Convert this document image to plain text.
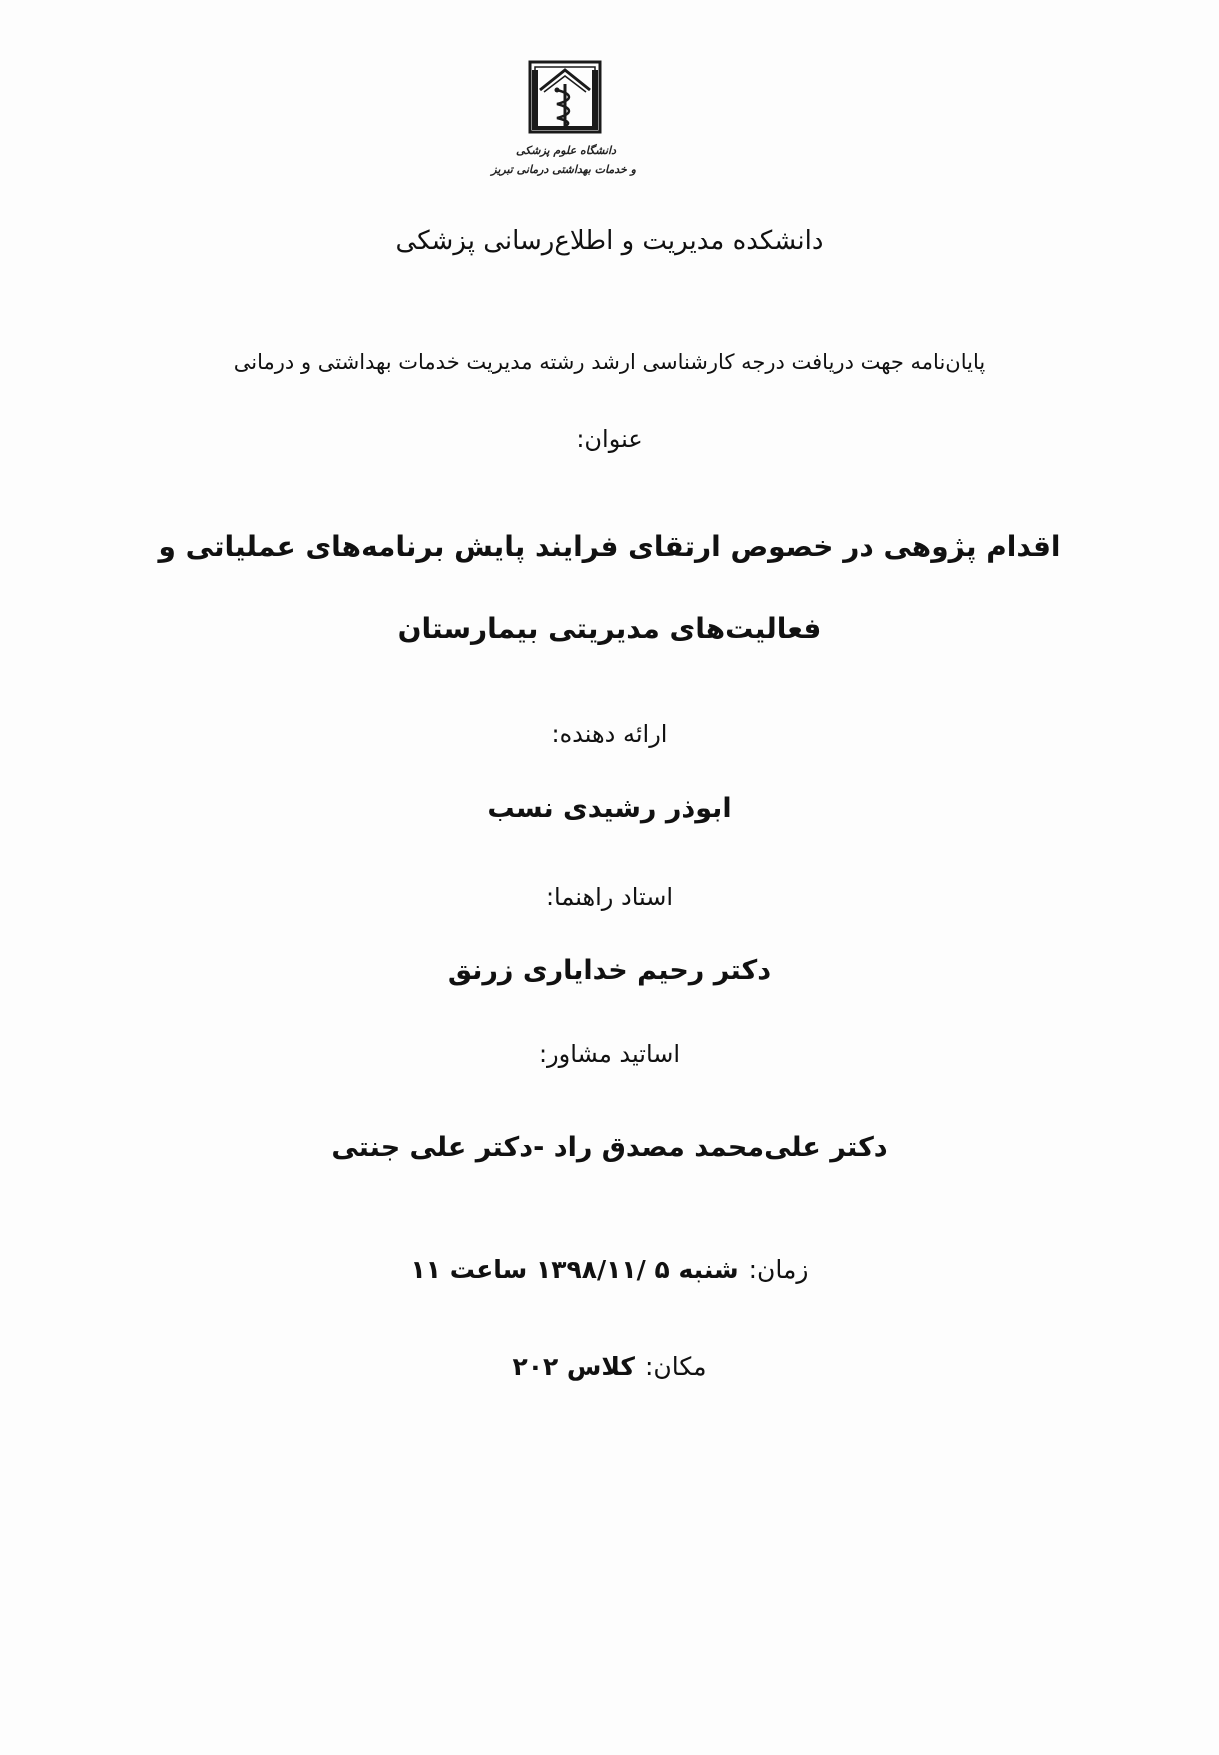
دانشگاه علوم پزشکی
و خدمات بهداشتی درمانی تبریز
دانشکده مدیریت و اطلاع‌رسانی پزشکی
پایان‌نامه جهت دریافت درجه کارشناسی ارشد رشته مدیریت خدمات بهداشتی و درمانی
عنوان:
اقدام پژوهی در خصوص ارتقای فرایند پایش برنامه‌های عملیاتی و
فعالیت‌های مدیریتی بیمارستان
ارائه دهنده:
ابوذر رشیدی نسب
استاد راهنما:
دکتر رحیم خدایاری زرنق
اساتید مشاور:
دکتر علی‌محمد مصدق راد -دکتر علی جنتی
زمان:شنبه ۵ /۱۳۹۸/۱۱ ساعت ۱۱
مکان:کلاس ۲۰۲
